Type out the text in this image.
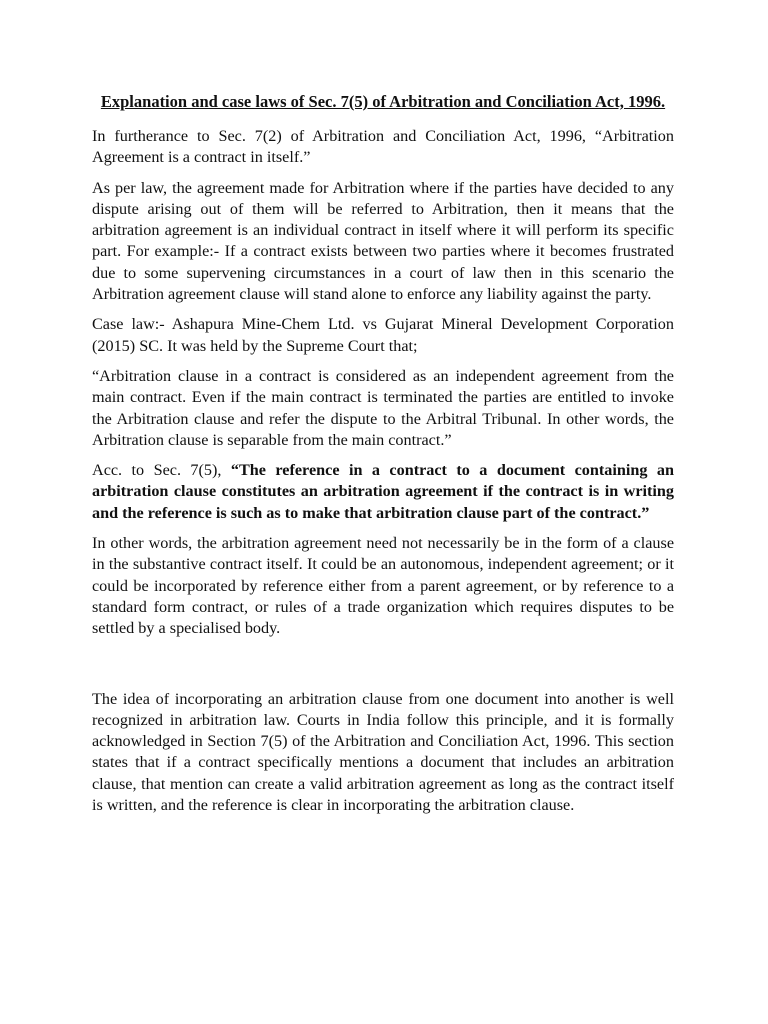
Explanation and case laws of Sec. 7(5) of Arbitration and Conciliation Act, 1996.

In furtherance to Sec. 7(2) of Arbitration and Conciliation Act, 1996, “Arbitration Agreement is a contract in itself.”

As per law, the agreement made for Arbitration where if the parties have decided to any dispute arising out of them will be referred to Arbitration, then it means that the arbitration agreement is an individual contract in itself where it will perform its specific part. For example:- If a contract exists between two parties where it becomes frustrated due to some supervening circumstances in a court of law then in this scenario the Arbitration agreement clause will stand alone to enforce any liability against the party.

Case law:- Ashapura Mine-Chem Ltd. vs Gujarat Mineral Development Corporation (2015) SC. It was held by the Supreme Court that;

“Arbitration clause in a contract is considered as an independent agreement from the main contract. Even if the main contract is terminated the parties are entitled to invoke the Arbitration clause and refer the dispute to the Arbitral Tribunal. In other words, the Arbitration clause is separable from the main contract.”

Acc. to Sec. 7(5), “The reference in a contract to a document containing an arbitration clause constitutes an arbitration agreement if the contract is in writing and the reference is such as to make that arbitration clause part of the contract.”

In other words, the arbitration agreement need not necessarily be in the form of a clause in the substantive contract itself. It could be an autonomous, independent agreement; or it could be incorporated by reference either from a parent agreement, or by reference to a standard form contract, or rules of a trade organization which requires disputes to be settled by a specialised body.

The idea of incorporating an arbitration clause from one document into another is well recognized in arbitration law. Courts in India follow this principle, and it is formally acknowledged in Section 7(5) of the Arbitration and Conciliation Act, 1996. This section states that if a contract specifically mentions a document that includes an arbitration clause, that mention can create a valid arbitration agreement as long as the contract itself is written, and the reference is clear in incorporating the arbitration clause.
